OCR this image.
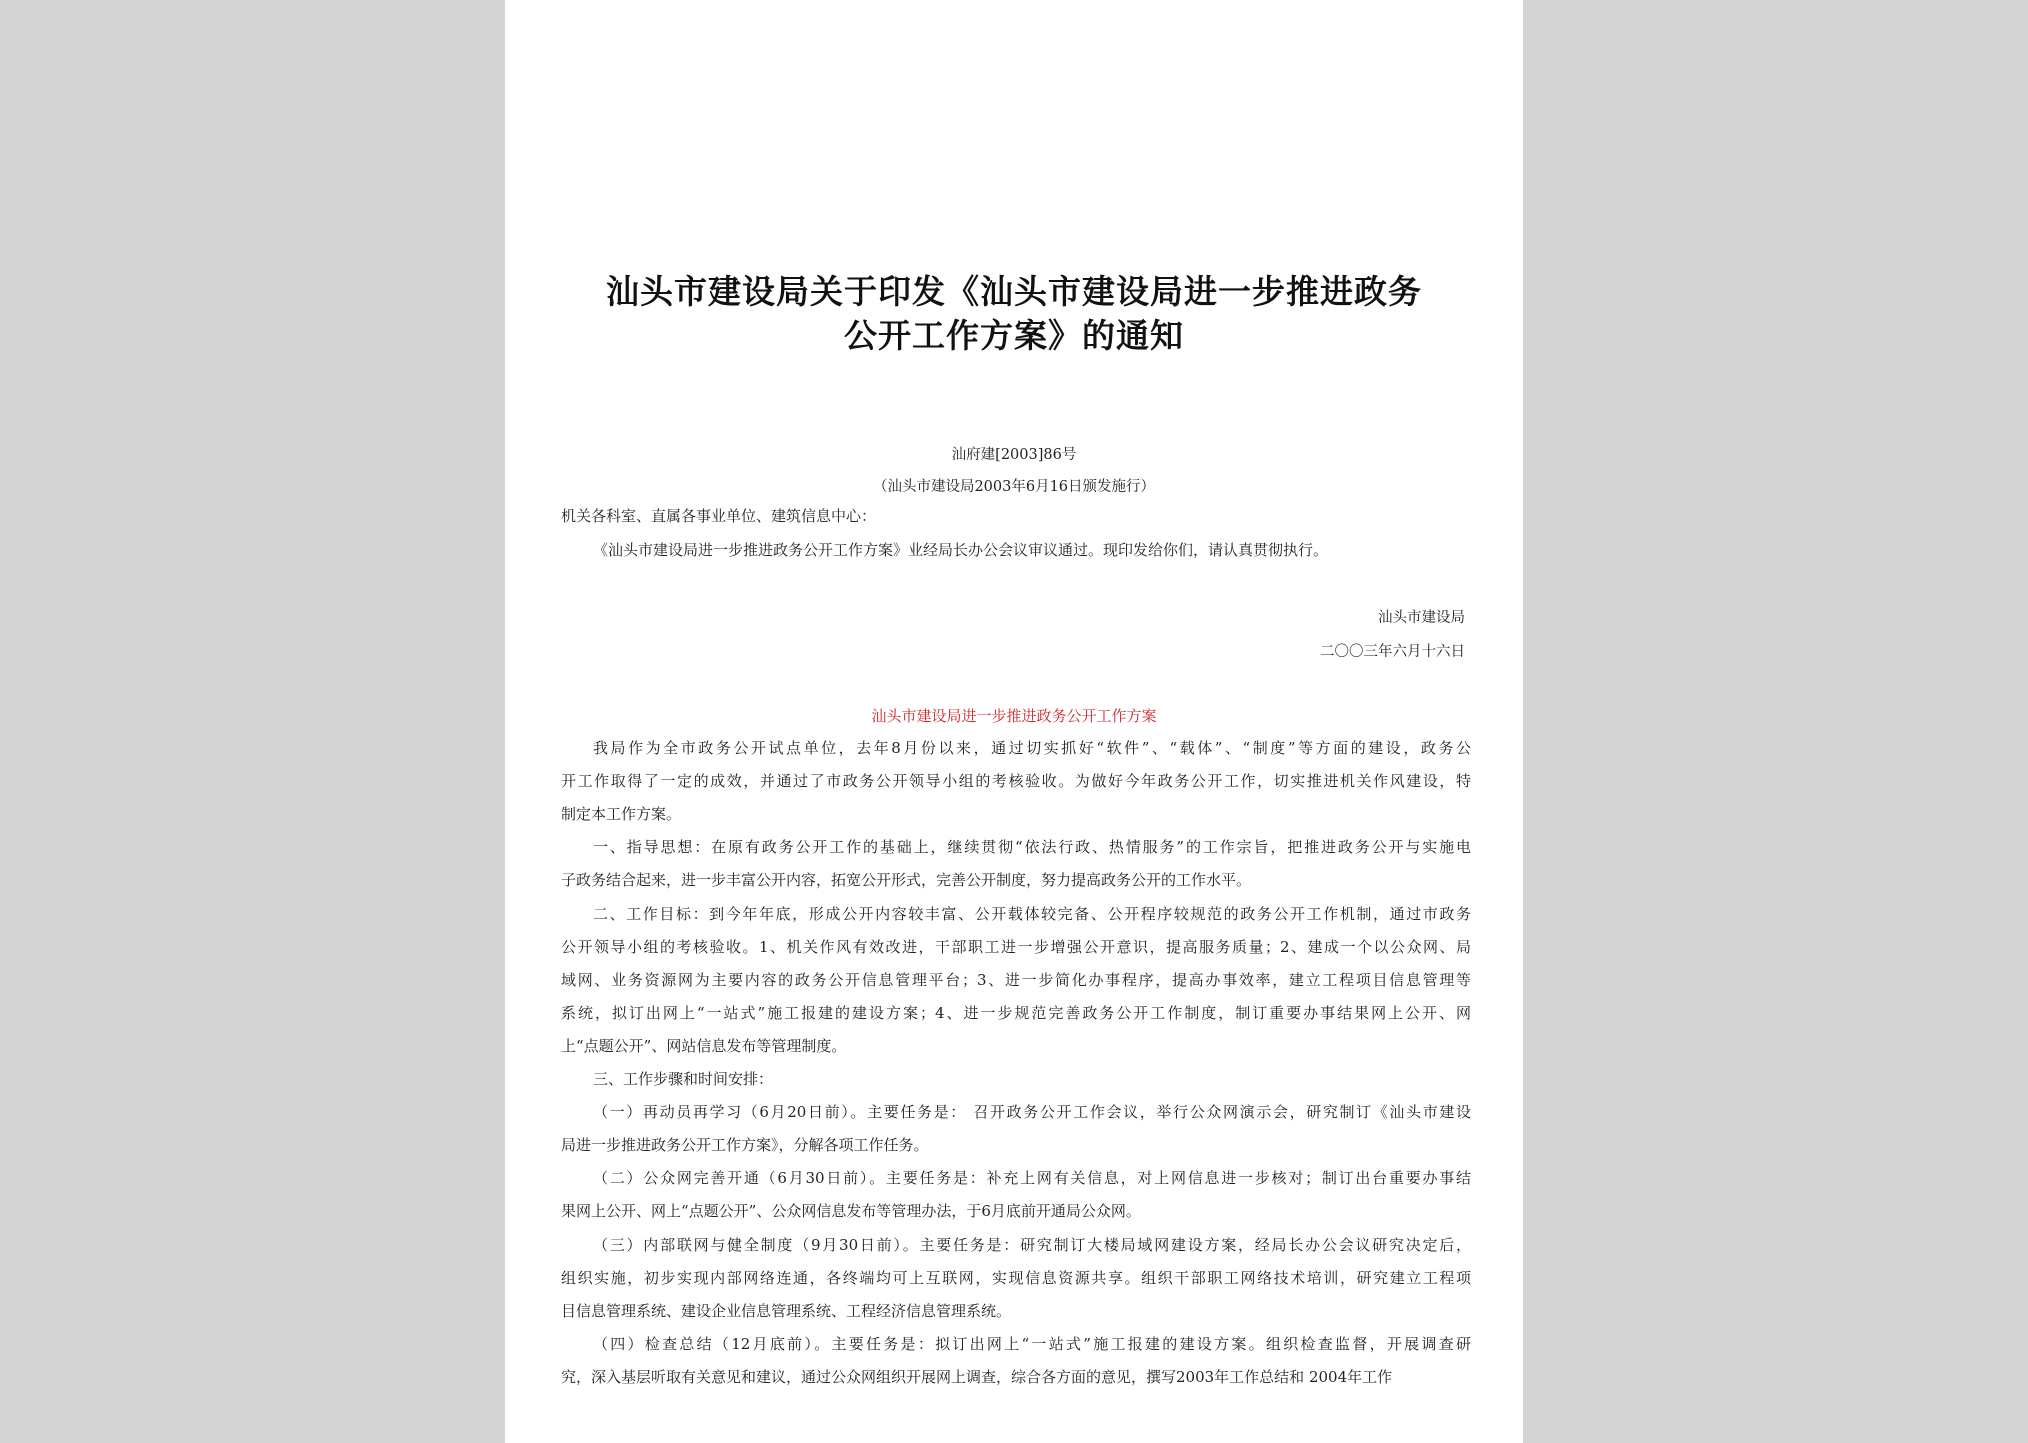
汕头市建设局关于印发《汕头市建设局进一步推进政务
公开工作方案》的通知
汕府建[2003]86号
（汕头市建设局2003年6月16日颁发施行）
机关各科室、直属各事业单位、建筑信息中心：
《汕头市建设局进一步推进政务公开工作方案》业经局长办公会议审议通过。现印发给你们，请认真贯彻执行。
汕头市建设局
二〇〇三年六月十六日
汕头市建设局进一步推进政务公开工作方案
我局作为全市政务公开试点单位，去年8月份以来，通过切实抓好“软件”、“载体”、“制度”等方面的建设，政务公
开工作取得了一定的成效，并通过了市政务公开领导小组的考核验收。为做好今年政务公开工作，切实推进机关作风建设，特
制定本工作方案。
一、指导思想：在原有政务公开工作的基础上，继续贯彻“依法行政、热情服务”的工作宗旨，把推进政务公开与实施电
子政务结合起来，进一步丰富公开内容，拓宽公开形式，完善公开制度，努力提高政务公开的工作水平。
二、工作目标：到今年年底，形成公开内容较丰富、公开载体较完备、公开程序较规范的政务公开工作机制，通过市政务
公开领导小组的考核验收。1、机关作风有效改进，干部职工进一步增强公开意识，提高服务质量；2、建成一个以公众网、局
域网、业务资源网为主要内容的政务公开信息管理平台；3、进一步简化办事程序，提高办事效率，建立工程项目信息管理等
系统，拟订出网上“一站式”施工报建的建设方案；4、进一步规范完善政务公开工作制度，制订重要办事结果网上公开、网
上“点题公开”、网站信息发布等管理制度。
三、工作步骤和时间安排：
（一）再动员再学习（6月20日前）。主要任务是： 召开政务公开工作会议，举行公众网演示会，研究制订《汕头市建设
局进一步推进政务公开工作方案》，分解各项工作任务。
（二）公众网完善开通（6月30日前）。主要任务是：补充上网有关信息，对上网信息进一步核对；制订出台重要办事结
果网上公开、网上“点题公开”、公众网信息发布等管理办法，于6月底前开通局公众网。
（三）内部联网与健全制度（9月30日前）。主要任务是：研究制订大楼局域网建设方案，经局长办公会议研究决定后，
组织实施，初步实现内部网络连通，各终端均可上互联网，实现信息资源共享。组织干部职工网络技术培训，研究建立工程项
目信息管理系统、建设企业信息管理系统、工程经济信息管理系统。
（四）检查总结（12月底前）。主要任务是：拟订出网上“一站式”施工报建的建设方案。组织检查监督，开展调查研
究，深入基层听取有关意见和建议，通过公众网组织开展网上调查，综合各方面的意见，撰写2003年工作总结和 2004年工作
